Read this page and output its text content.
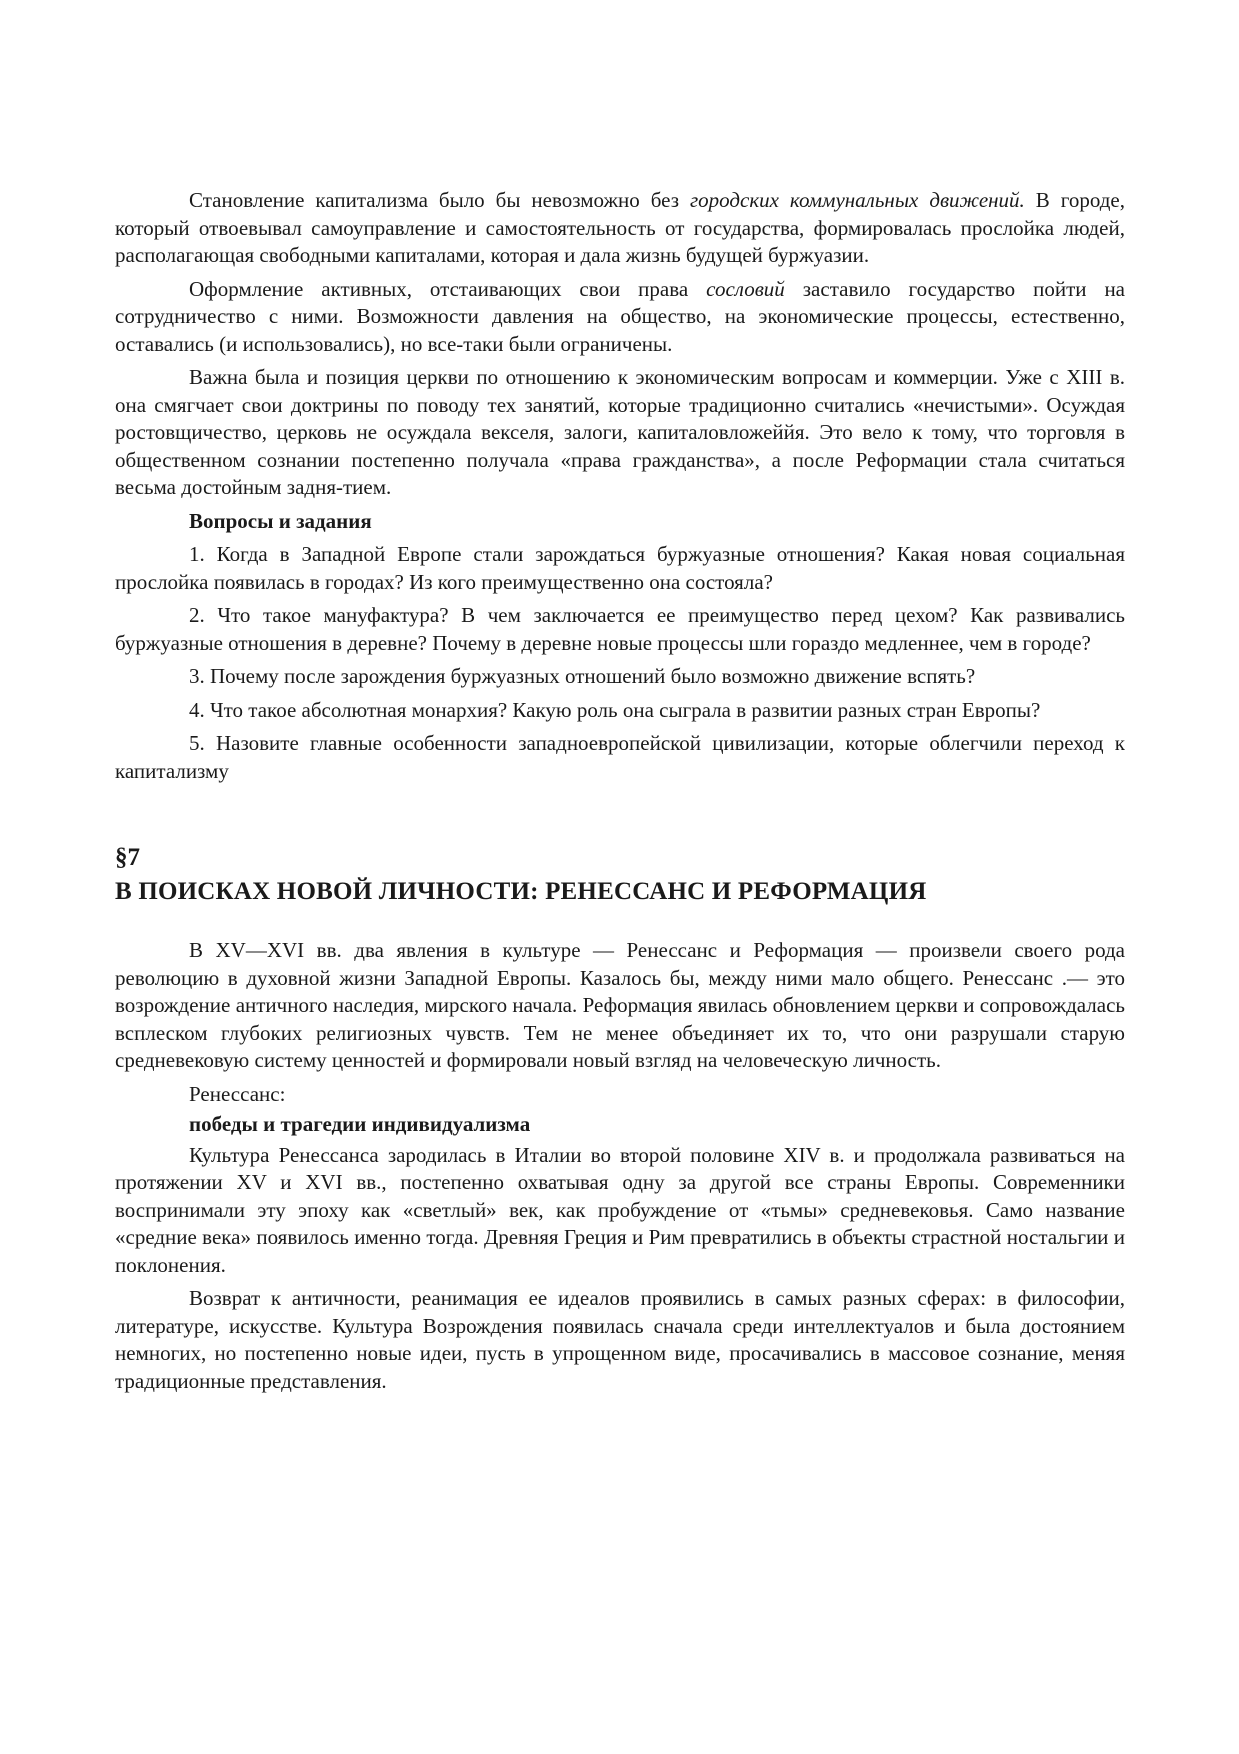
Становление капитализма было бы невозможно без городских коммунальных движений. В городе, который отвоевывал самоуправление и самостоятельность от государства, формировалась прослойка людей, располагающая свободными капиталами, которая и дала жизнь будущей буржуазии.

Оформление активных, отстаивающих свои права сословий заставило государство пойти на сотрудничество с ними. Возможности давления на общество, на экономические процессы, естественно, оставались (и использовались), но все-таки были ограничены.

Важна была и позиция церкви по отношению к экономическим вопросам и коммерции. Уже с XIII в. она смягчает свои доктрины по поводу тех занятий, которые традиционно считались «нечистыми». Осуждая ростовщичество, церковь не осуждала векселя, залоги, капиталовложеййя. Это вело к тому, что торговля в общественном сознании постепенно получала «права гражданства», а после Реформации стала считаться весьма достойным задня-тием.

Вопросы и задания

1. Когда в Западной Европе стали зарождаться буржуазные отношения? Какая новая социальная прослойка появилась в городах? Из кого преимущественно она состояла?

2. Что такое мануфактура? В чем заключается ее преимущество перед цехом? Как развивались буржуазные отношения в деревне? Почему в деревне новые процессы шли гораздо медленнее, чем в городе?

3. Почему после зарождения буржуазных отношений было возможно движение вспять?

4. Что такое абсолютная монархия? Какую роль она сыграла в развитии разных стран Европы?

5. Назовите главные особенности западноевропейской цивилизации, которые облегчили переход к капитализму

§7
В ПОИСКАХ НОВОЙ ЛИЧНОСТИ: РЕНЕССАНС И РЕФОРМАЦИЯ

В XV—XVI вв. два явления в культуре — Ренессанс и Реформация — произвели своего рода революцию в духовной жизни Западной Европы. Казалось бы, между ними мало общего. Ренессанс .— это возрождение античного наследия, мирского начала. Реформация явилась обновлением церкви и сопровождалась всплеском глубоких религиозных чувств. Тем не менее объединяет их то, что они разрушали старую средневековую систему ценностей и формировали новый взгляд на человеческую личность.

Ренессанс:
победы и трагедии индивидуализма

Культура Ренессанса зародилась в Италии во второй половине XIV в. и продолжала развиваться на протяжении XV и XVI вв., постепенно охватывая одну за другой все страны Европы. Современники воспринимали эту эпоху как «светлый» век, как пробуждение от «тьмы» средневековья. Само название «средние века» появилось именно тогда. Древняя Греция и Рим превратились в объекты страстной ностальгии и поклонения.

Возврат к античности, реанимация ее идеалов проявились в самых разных сферах: в философии, литературе, искусстве. Культура Возрождения появилась сначала среди интеллектуалов и была достоянием немногих, но постепенно новые идеи, пусть в упрощенном виде, просачивались в массовое сознание, меняя традиционные представления.
